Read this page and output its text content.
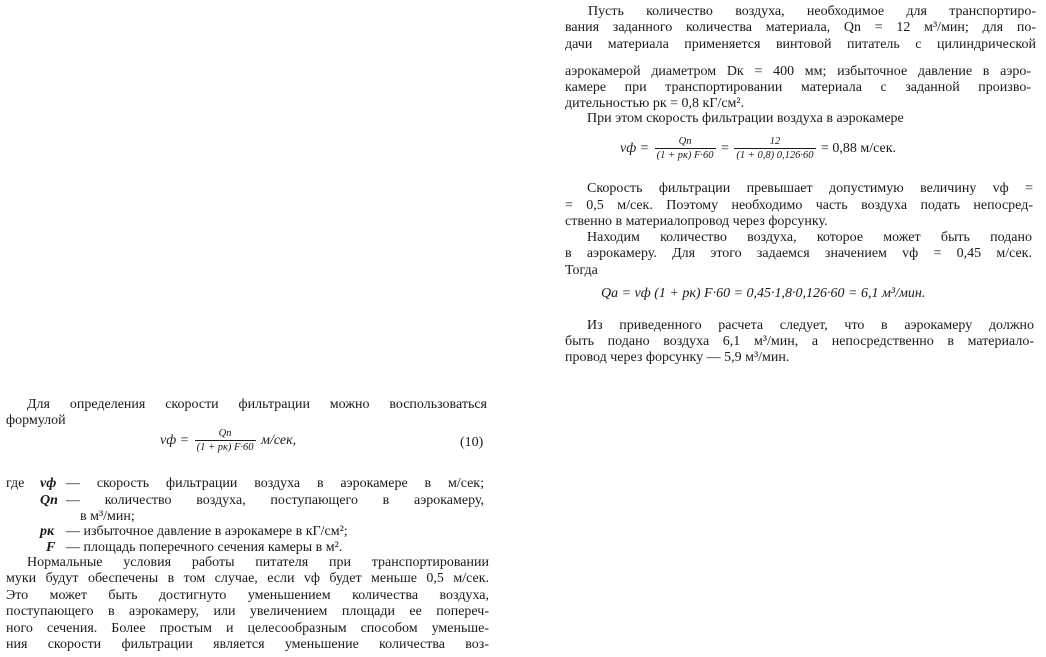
Пусть количество воздуха, необходимое для транспортиро-
вания заданного количества материала, Qn = 12 м³/мин; для по-
дачи материала применяется винтовой питатель с цилиндрической
аэрокамерой диаметром Dк = 400 мм; избыточное давление в аэро-
камере при транспортировании материала с заданной произво-
дительностью pк = 0,8 кГ/см².
При этом скорость фильтрации воздуха в аэрокамере
vф =	Qn
(1 + pк) $F\cdot 60 = \frac{12}{(1 + 0,8) 0,126\cdot 60} = 0,88$ м/сек.
Скорость фильтрации превышает допустимую величину vф =
= 0,5 м/сек. Поэтому необходимо часть воздуха подать непосред-
ственно в материалопровод через форсунку.
Находим количество воздуха, которое может быть подано
в аэрокамеру. Для этого задаемся значением vф = 0,45 м/сек.
Тогда
Qa = vф (1 + pк) F·60 = 0,45·1,8·0,126·60 = 6,1 м³/мин.
Из приведенного расчета следует, что в аэрокамеру должно
быть подано воздуха 6,1 м³/мин, а непосредственно в материало-
провод через форсунку — 5,9 м³/мин.
Для определения скорости фильтрации можно воспользоваться
формулой
vф =	Qn
(1 + pк) F·60 м/сек,	(10)
где vф — скорость фильтрации воздуха в аэрокамере в м/сек;
Qn — количество воздуха, поступающего в аэрокамеру,
в м³/мин;
pк — избыточное давление в аэрокамере в кГ/см²;
F — площадь поперечного сечения камеры в м².
Нормальные условия работы питателя при транспортировании
муки будут обеспечены в том случае, если vф будет меньше 0,5 м/сек.
Это может быть достигнуто уменьшением количества воздуха,
поступающего в аэрокамеру, или увеличением площади ее попереч-
ного сечения. Более простым и целесообразным способом уменьше-
ния скорости фильтрации является уменьшение количества воз-
